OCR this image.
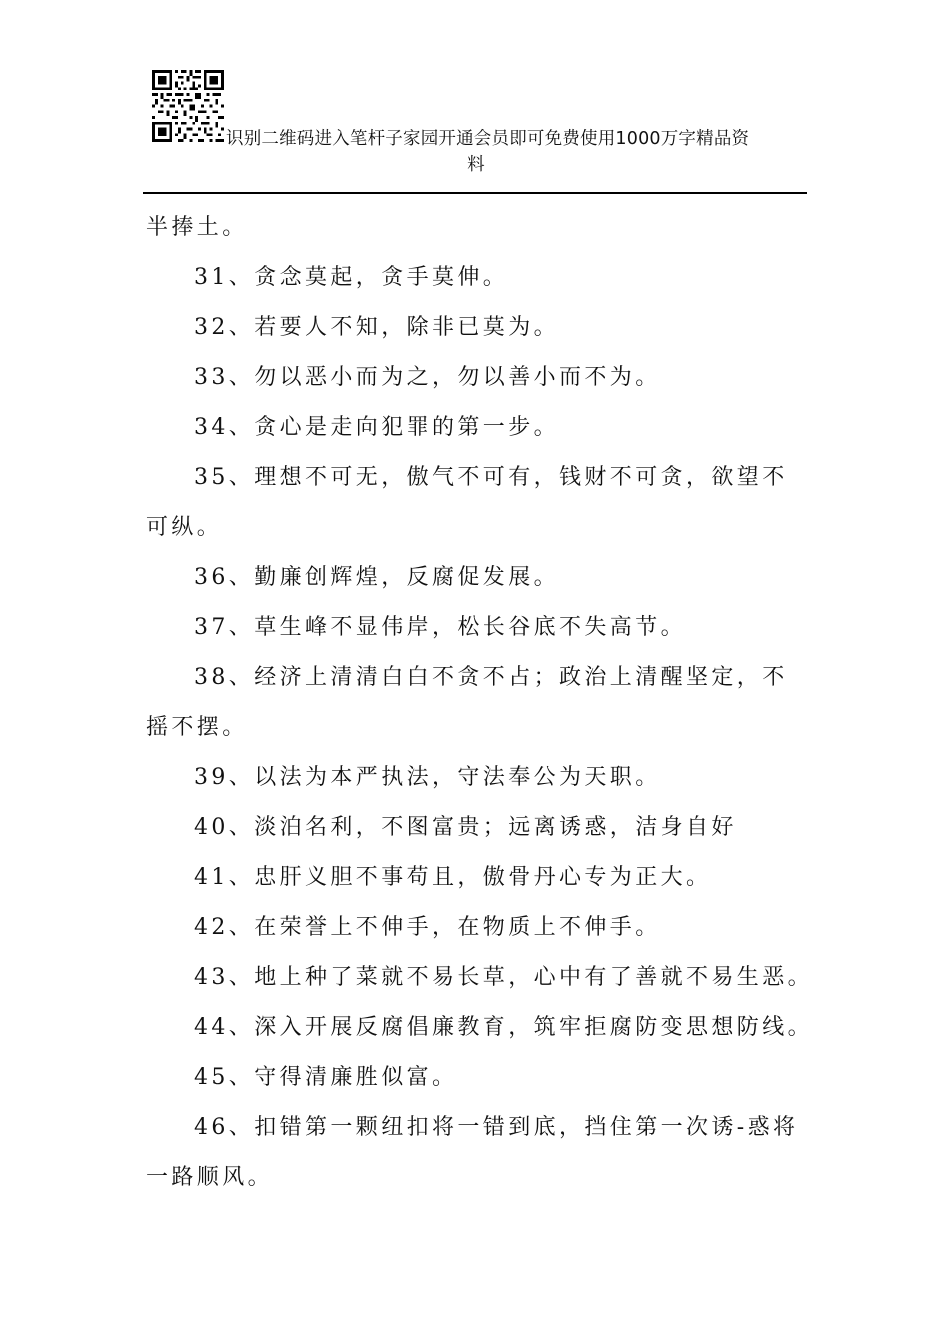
识别二维码进入笔杆子家园开通会员即可免费使用1000万字精品资
料

半捧土。

31、贪念莫起，贪手莫伸。

32、若要人不知，除非已莫为。

33、勿以恶小而为之，勿以善小而不为。

34、贪心是走向犯罪的第一步。

35、理想不可无，傲气不可有，钱财不可贪，欲望不

可纵。

36、勤廉创辉煌，反腐促发展。

37、草生峰不显伟岸，松长谷底不失高节。

38、经济上清清白白不贪不占；政治上清醒坚定，不

摇不摆。

39、以法为本严执法，守法奉公为天职。

40、淡泊名利，不图富贵；远离诱惑，洁身自好

41、忠肝义胆不事苟且，傲骨丹心专为正大。

42、在荣誉上不伸手，在物质上不伸手。

43、地上种了菜就不易长草，心中有了善就不易生恶。

44、深入开展反腐倡廉教育，筑牢拒腐防变思想防线。

45、守得清廉胜似富。

46、扣错第一颗纽扣将一错到底，挡住第一次诱-惑将

一路顺风。
